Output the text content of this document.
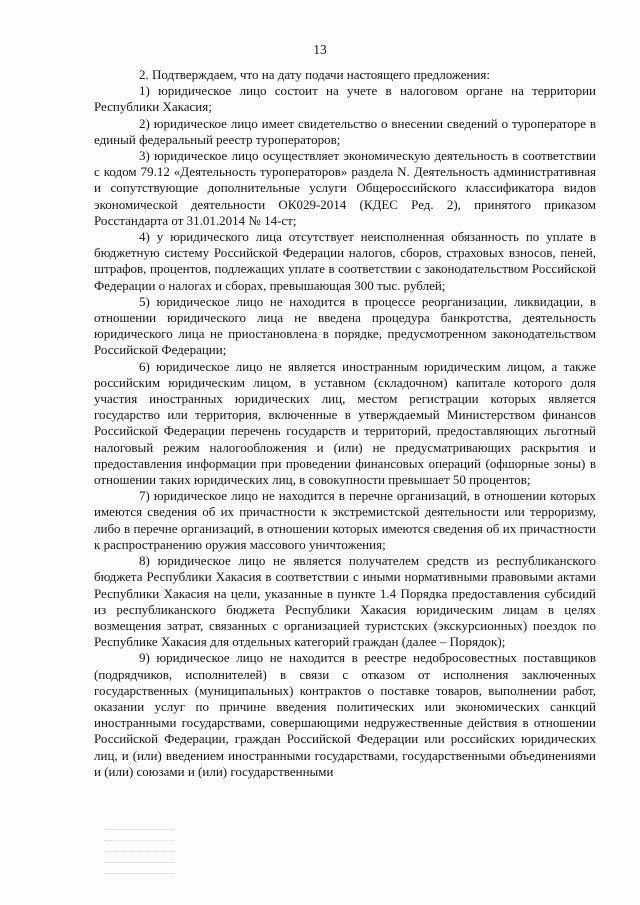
13

2. Подтверждаем, что на дату подачи настоящего предложения:

1) юридическое лицо состоит на учете в налоговом органе на территории Республики Хакасия;

2) юридическое лицо имеет свидетельство о внесении сведений о туроператоре в единый федеральный реестр туроператоров;

3) юридическое лицо осуществляет экономическую деятельность в соответствии с кодом 79.12 «Деятельность туроператоров» раздела N. Деятельность административная и сопутствующие дополнительные услуги Общероссийского классификатора видов экономической деятельности ОК029-2014 (КДЕС Ред. 2), принятого приказом Росстандарта от 31.01.2014 № 14-ст;

4) у юридического лица отсутствует неисполненная обязанность по уплате в бюджетную систему Российской Федерации налогов, сборов, страховых взносов, пеней, штрафов, процентов, подлежащих уплате в соответствии с законодательством Российской Федерации о налогах и сборах, превышающая 300 тыс. рублей;

5) юридическое лицо не находится в процессе реорганизации, ликвидации, в отношении юридического лица не введена процедура банкротства, деятельность юридического лица не приостановлена в порядке, предусмотренном законодательством Российской Федерации;

6) юридическое лицо не является иностранным юридическим лицом, а также российским юридическим лицом, в уставном (складочном) капитале которого доля участия иностранных юридических лиц, местом регистрации которых является государство или территория, включенные в утверждаемый Министерством финансов Российской Федерации перечень государств и территорий, предоставляющих льготный налоговый режим налогообложения и (или) не предусматривающих раскрытия и предоставления информации при проведении финансовых операций (офшорные зоны) в отношении таких юридических лиц, в совокупности превышает 50 процентов;

7) юридическое лицо не находится в перечне организаций, в отношении которых имеются сведения об их причастности к экстремистской деятельности или терроризму, либо в перечне организаций, в отношении которых имеются сведения об их причастности к распространению оружия массового уничтожения;

8) юридическое лицо не является получателем средств из республиканского бюджета Республики Хакасия в соответствии с иными нормативными правовыми актами Республики Хакасия на цели, указанные в пункте 1.4 Порядка предоставления субсидий из республиканского бюджета Республики Хакасия юридическим лицам в целях возмещения затрат, связанных с организацией туристских (экскурсионных) поездок по Республике Хакасия для отдельных категорий граждан (далее – Порядок);

9) юридическое лицо не находится в реестре недобросовестных поставщиков (подрядчиков, исполнителей) в связи с отказом от исполнения заключенных государственных (муниципальных) контрактов о поставке товаров, выполнении работ, оказании услуг по причине введения политических или экономических санкций иностранными государствами, совершающими недружественные действия в отношении Российской Федерации, граждан Российской Федерации или российских юридических лиц, и (или) введением иностранными государствами, государственными объединениями и (или) союзами и (или) государственными
